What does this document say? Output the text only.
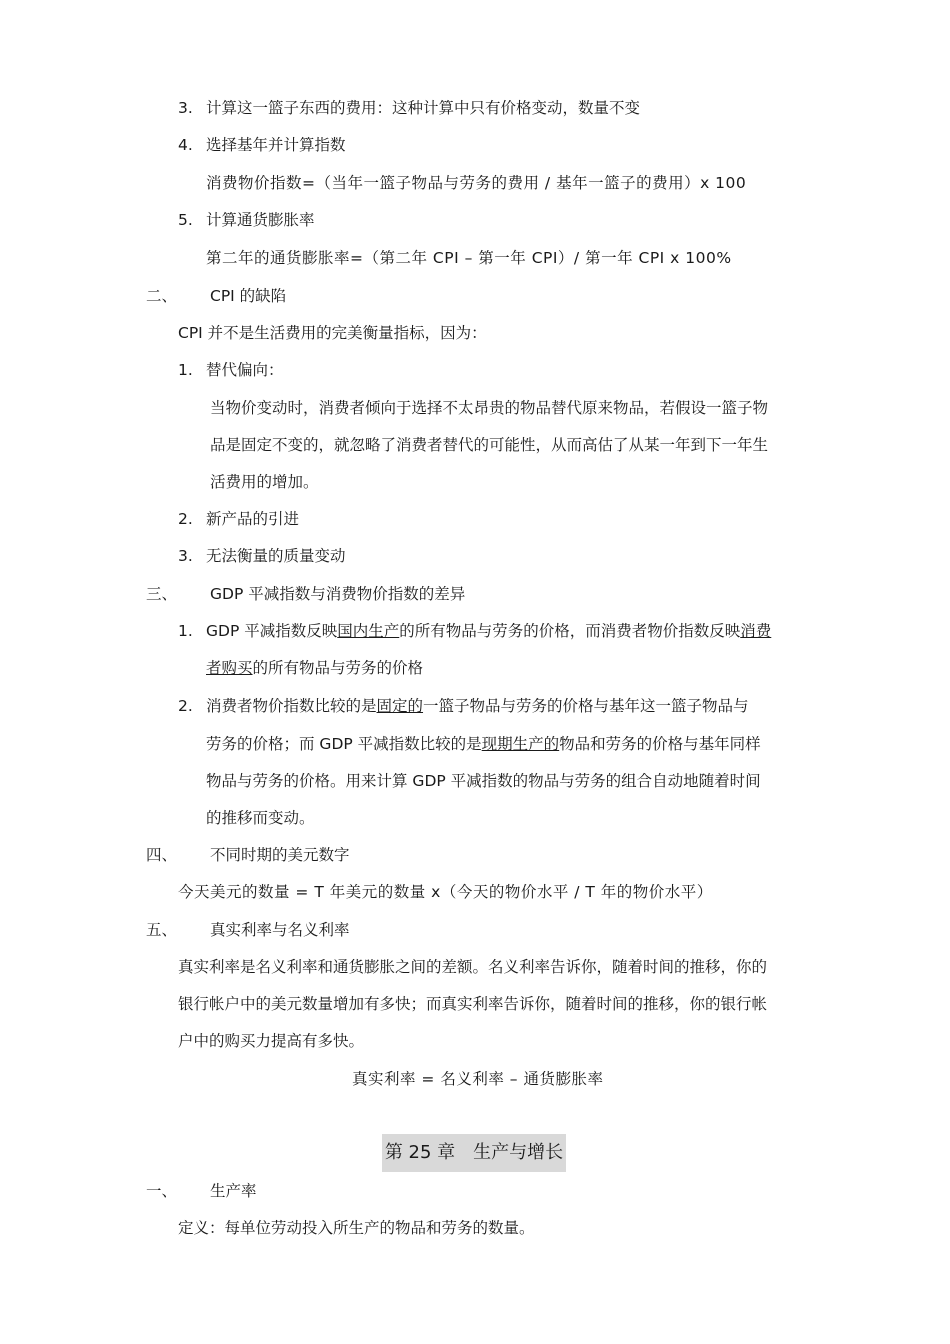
3. 计算这一篮子东西的费用：这种计算中只有价格变动，数量不变
4. 选择基年并计算指数
消费物价指数=（当年一篮子物品与劳务的费用 / 基年一篮子的费用）x 100
5. 计算通货膨胀率
第二年的通货膨胀率=（第二年 CPI – 第一年 CPI）/ 第一年 CPI x 100%
二、 CPI 的缺陷
CPI 并不是生活费用的完美衡量指标，因为：
1. 替代偏向：
当物价变动时，消费者倾向于选择不太昂贵的物品替代原来物品，若假设一篮子物
品是固定不变的，就忽略了消费者替代的可能性，从而高估了从某一年到下一年生
活费用的增加。
2. 新产品的引进
3. 无法衡量的质量变动
三、 GDP 平减指数与消费物价指数的差异
1. GDP 平减指数反映国内生产的所有物品与劳务的价格，而消费者物价指数反映消费
者购买的所有物品与劳务的价格
2. 消费者物价指数比较的是固定的一篮子物品与劳务的价格与基年这一篮子物品与
劳务的价格；而 GDP 平减指数比较的是现期生产的物品和劳务的价格与基年同样
物品与劳务的价格。用来计算 GDP 平减指数的物品与劳务的组合自动地随着时间
的推移而变动。
四、 不同时期的美元数字
今天美元的数量 = T 年美元的数量 x（今天的物价水平 / T 年的物价水平）
五、 真实利率与名义利率
真实利率是名义利率和通货膨胀之间的差额。名义利率告诉你，随着时间的推移，你的
银行帐户中的美元数量增加有多快；而真实利率告诉你，随着时间的推移，你的银行帐
户中的购买力提高有多快。
真实利率 = 名义利率 – 通货膨胀率
第 25 章　生产与增长
一、 生产率
定义：每单位劳动投入所生产的物品和劳务的数量。
